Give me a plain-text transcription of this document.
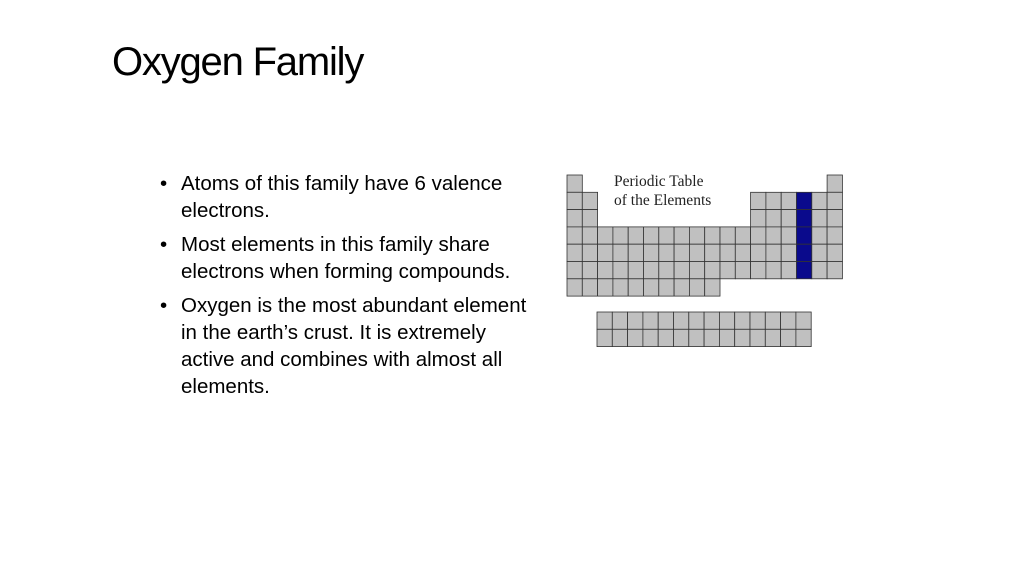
Oxygen Family
• Atoms of this family have 6 valence electrons.
• Most elements in this family share electrons when forming compounds.
• Oxygen is the most abundant element in the earth’s crust. It is extremely active and combines with almost all elements.
Periodic Table
of the Elements
